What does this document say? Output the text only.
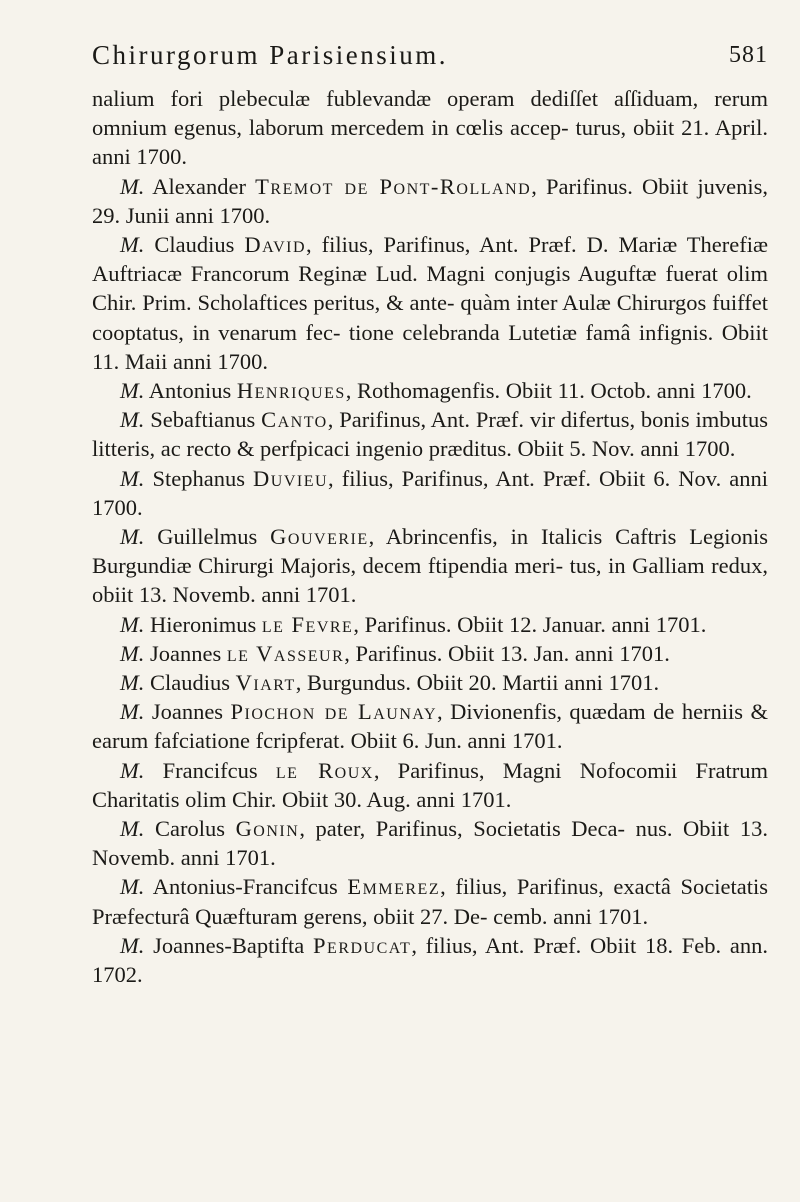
Chirurgorum Parisiensium.	581

nalium fori plebeculæ fublevandæ operam dediſſet aſſiduam, rerum omnium egenus, laborum mercedem in cœlis accep- turus, obiit 21. April. anni 1700.

M. Alexander Tremot de Pont-Rolland, Parifinus. Obiit juvenis, 29. Junii anni 1700.

M. Claudius David, filius, Parifinus, Ant. Præf. D. Mariæ Therefiæ Auftriacæ Francorum Reginæ Lud. Magni conjugis Auguftæ fuerat olim Chir. Prim. Scholaftices peritus, & ante- quàm inter Aulæ Chirurgos fuiffet cooptatus, in venarum fec- tione celebranda Lutetiæ famâ infignis. Obiit 11. Maii anni 1700.

M. Antonius Henriques, Rothomagenfis. Obiit 11. Octob. anni 1700.

M. Sebaftianus Canto, Parifinus, Ant. Præf. vir difertus, bonis imbutus litteris, ac recto & perfpicaci ingenio præditus. Obiit 5. Nov. anni 1700.

M. Stephanus Duvieu, filius, Parifinus, Ant. Præf. Obiit 6. Nov. anni 1700.

M. Guillelmus Gouverie, Abrincenfis, in Italicis Caftris Legionis Burgundiæ Chirurgi Majoris, decem ftipendia meri- tus, in Galliam redux, obiit 13. Novemb. anni 1701.

M. Hieronimus le Fevre, Parifinus. Obiit 12. Januar. anni 1701.

M. Joannes le Vasseur, Parifinus. Obiit 13. Jan. anni 1701.

M. Claudius Viart, Burgundus. Obiit 20. Martii anni 1701.

M. Joannes Piochon de Launay, Divionenfis, quædam de herniis & earum fafciatione fcripferat. Obiit 6. Jun. anni 1701.

M. Francifcus le Roux, Parifinus, Magni Nofocomii Fratrum Charitatis olim Chir. Obiit 30. Aug. anni 1701.

M. Carolus Gonin, pater, Parifinus, Societatis Deca- nus. Obiit 13. Novemb. anni 1701.

M. Antonius-Francifcus Emmerez, filius, Parifinus, exactâ Societatis Præfecturâ Quæfturam gerens, obiit 27. De- cemb. anni 1701.

M. Joannes-Baptifta Perducat, filius, Ant. Præf. Obiit 18. Feb. ann. 1702.
